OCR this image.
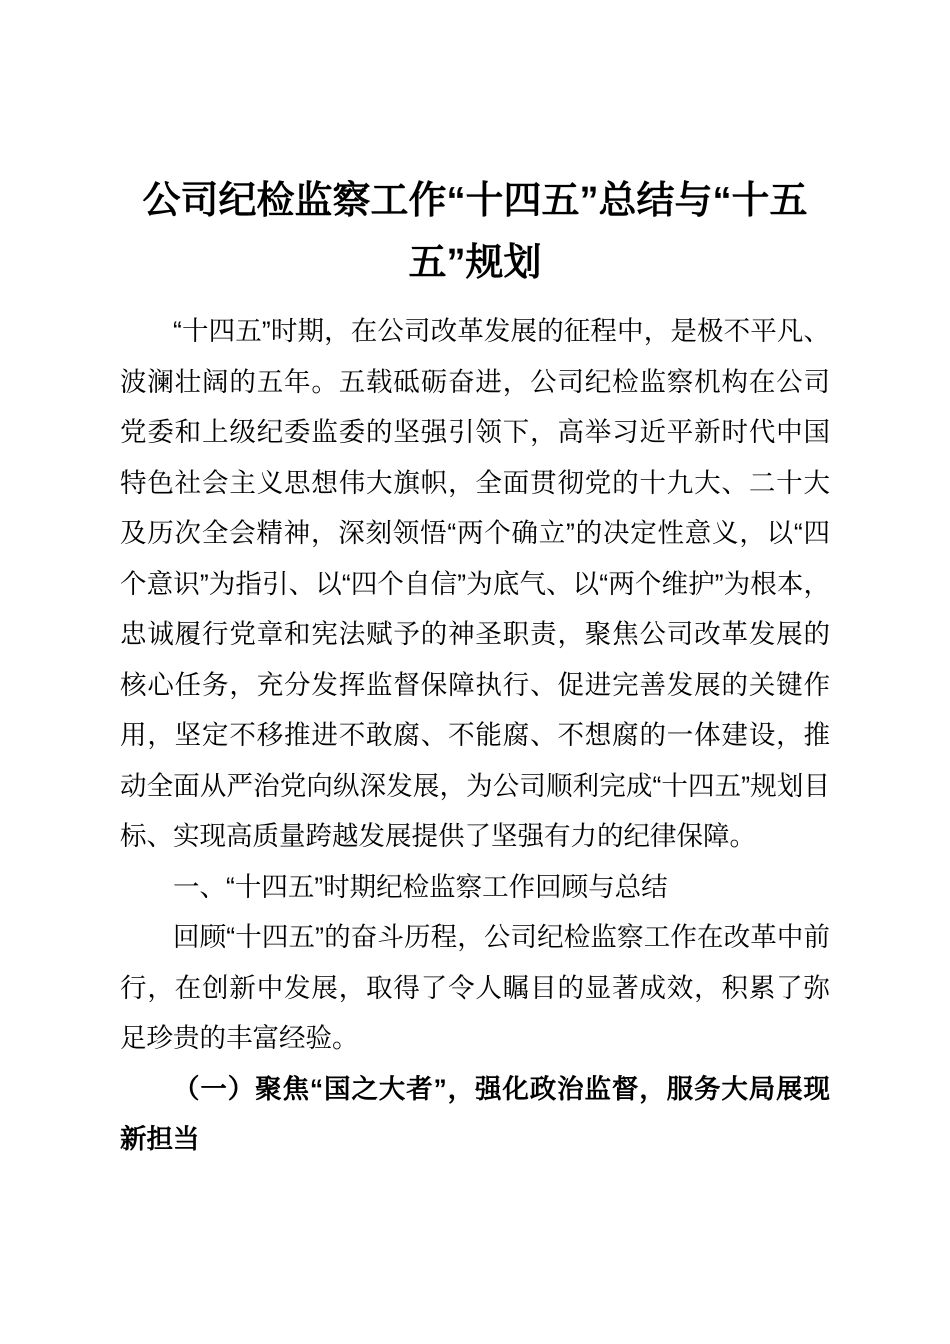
公司纪检监察工作“十四五”总结与“十五五”规划

“十四五”时期，在公司改革发展的征程中，是极不平凡、波澜壮阔的五年。五载砥砺奋进，公司纪检监察机构在公司党委和上级纪委监委的坚强引领下，高举习近平新时代中国特色社会主义思想伟大旗帜，全面贯彻党的十九大、二十大及历次全会精神，深刻领悟“两个确立”的决定性意义，以“四个意识”为指引、以“四个自信”为底气、以“两个维护”为根本，忠诚履行党章和宪法赋予的神圣职责，聚焦公司改革发展的核心任务，充分发挥监督保障执行、促进完善发展的关键作用，坚定不移推进不敢腐、不能腐、不想腐的一体建设，推动全面从严治党向纵深发展，为公司顺利完成“十四五”规划目标、实现高质量跨越发展提供了坚强有力的纪律保障。

一、“十四五”时期纪检监察工作回顾与总结

回顾“十四五”的奋斗历程，公司纪检监察工作在改革中前行，在创新中发展，取得了令人瞩目的显著成效，积累了弥足珍贵的丰富经验。

（一）聚焦“国之大者”，强化政治监督，服务大局展现新担当
